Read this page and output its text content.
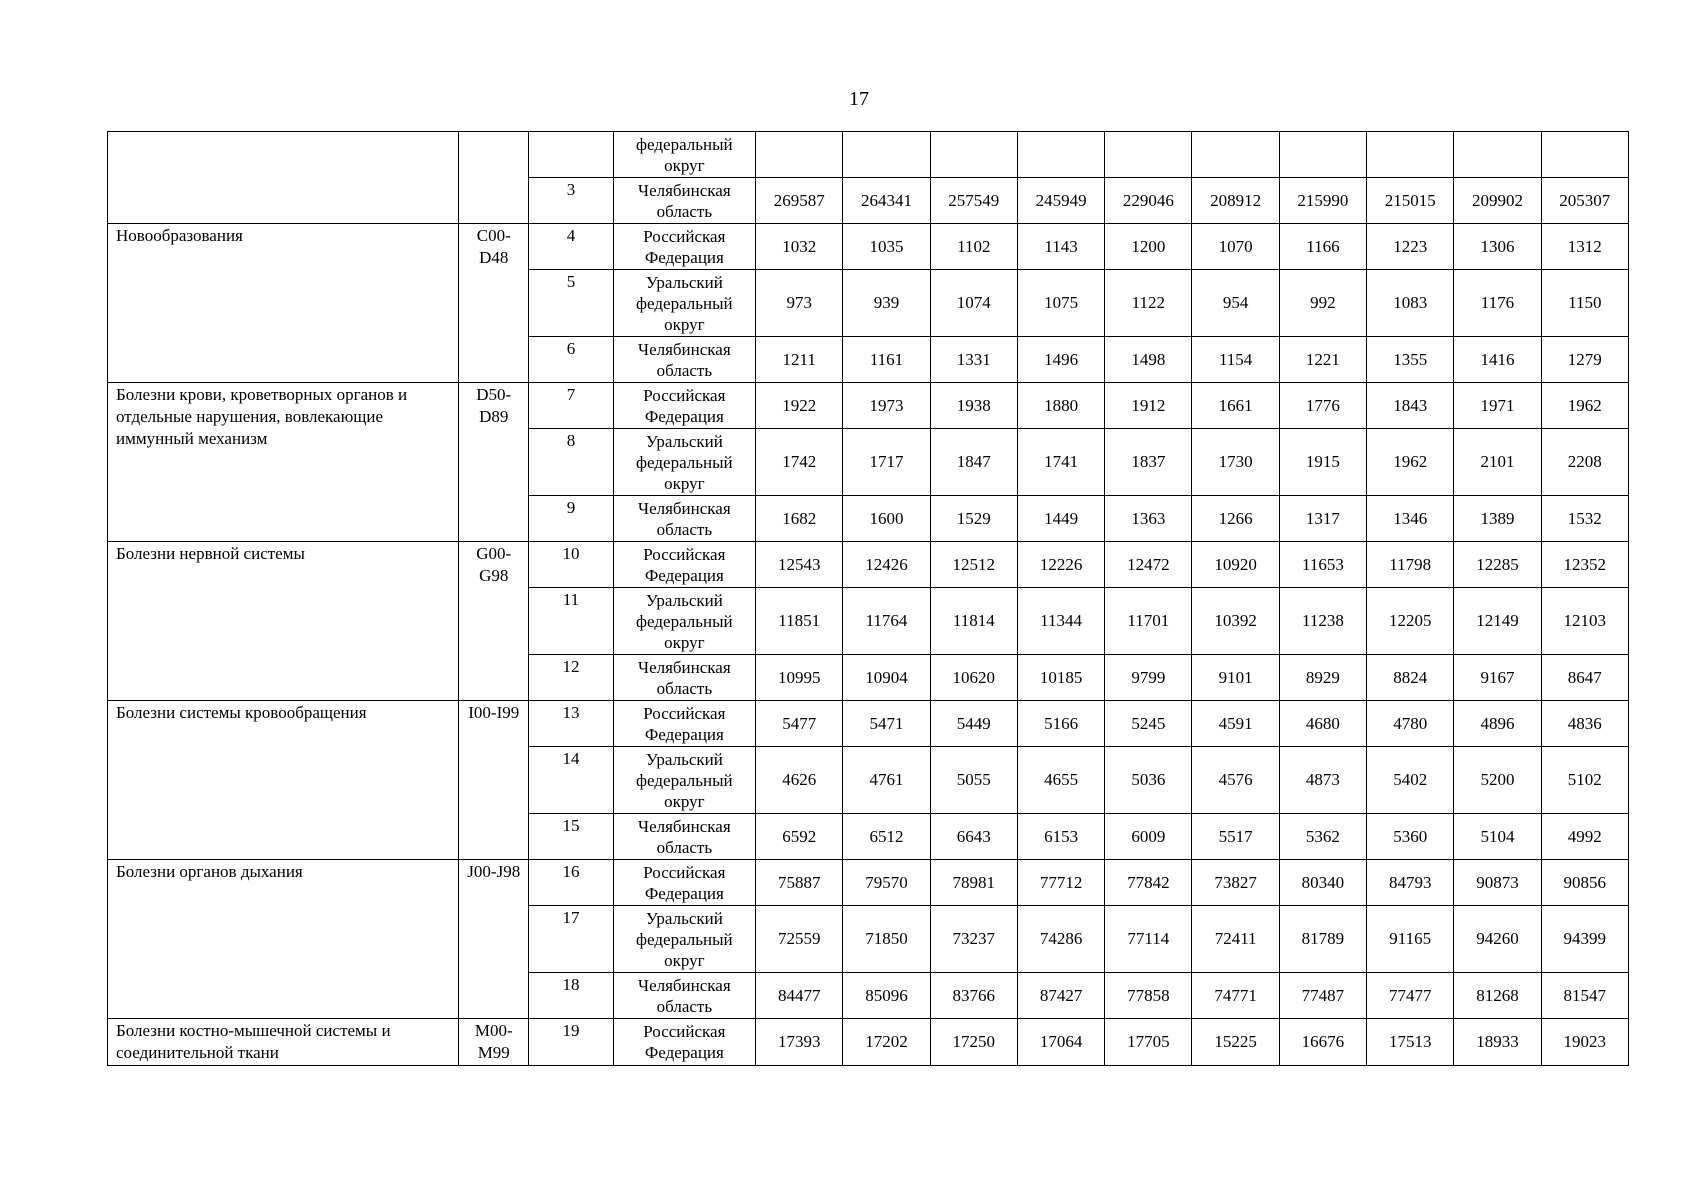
17
			федеральный округ										
		3	Челябинская область	269587	264341	257549	245949	229046	208912	215990	215015	209902	205307
Новообразования	C00-D48	4	Российская Федерация	1032	1035	1102	1143	1200	1070	1166	1223	1306	1312
		5	Уральский федеральный округ	973	939	1074	1075	1122	954	992	1083	1176	1150
		6	Челябинская область	1211	1161	1331	1496	1498	1154	1221	1355	1416	1279
Болезни крови, кроветворных органов и отдельные нарушения, вовлекающие иммунный механизм	D50-D89	7	Российская Федерация	1922	1973	1938	1880	1912	1661	1776	1843	1971	1962
		8	Уральский федеральный округ	1742	1717	1847	1741	1837	1730	1915	1962	2101	2208
		9	Челябинская область	1682	1600	1529	1449	1363	1266	1317	1346	1389	1532
Болезни нервной системы	G00-G98	10	Российская Федерация	12543	12426	12512	12226	12472	10920	11653	11798	12285	12352
		11	Уральский федеральный округ	11851	11764	11814	11344	11701	10392	11238	12205	12149	12103
		12	Челябинская область	10995	10904	10620	10185	9799	9101	8929	8824	9167	8647
Болезни системы кровообращения	I00-I99	13	Российская Федерация	5477	5471	5449	5166	5245	4591	4680	4780	4896	4836
		14	Уральский федеральный округ	4626	4761	5055	4655	5036	4576	4873	5402	5200	5102
		15	Челябинская область	6592	6512	6643	6153	6009	5517	5362	5360	5104	4992
Болезни органов дыхания	J00-J98	16	Российская Федерация	75887	79570	78981	77712	77842	73827	80340	84793	90873	90856
		17	Уральский федеральный округ	72559	71850	73237	74286	77114	72411	81789	91165	94260	94399
		18	Челябинская область	84477	85096	83766	87427	77858	74771	77487	77477	81268	81547
Болезни костно-мышечной системы и соединительной ткани	M00-M99	19	Российская Федерация	17393	17202	17250	17064	17705	15225	16676	17513	18933	19023
